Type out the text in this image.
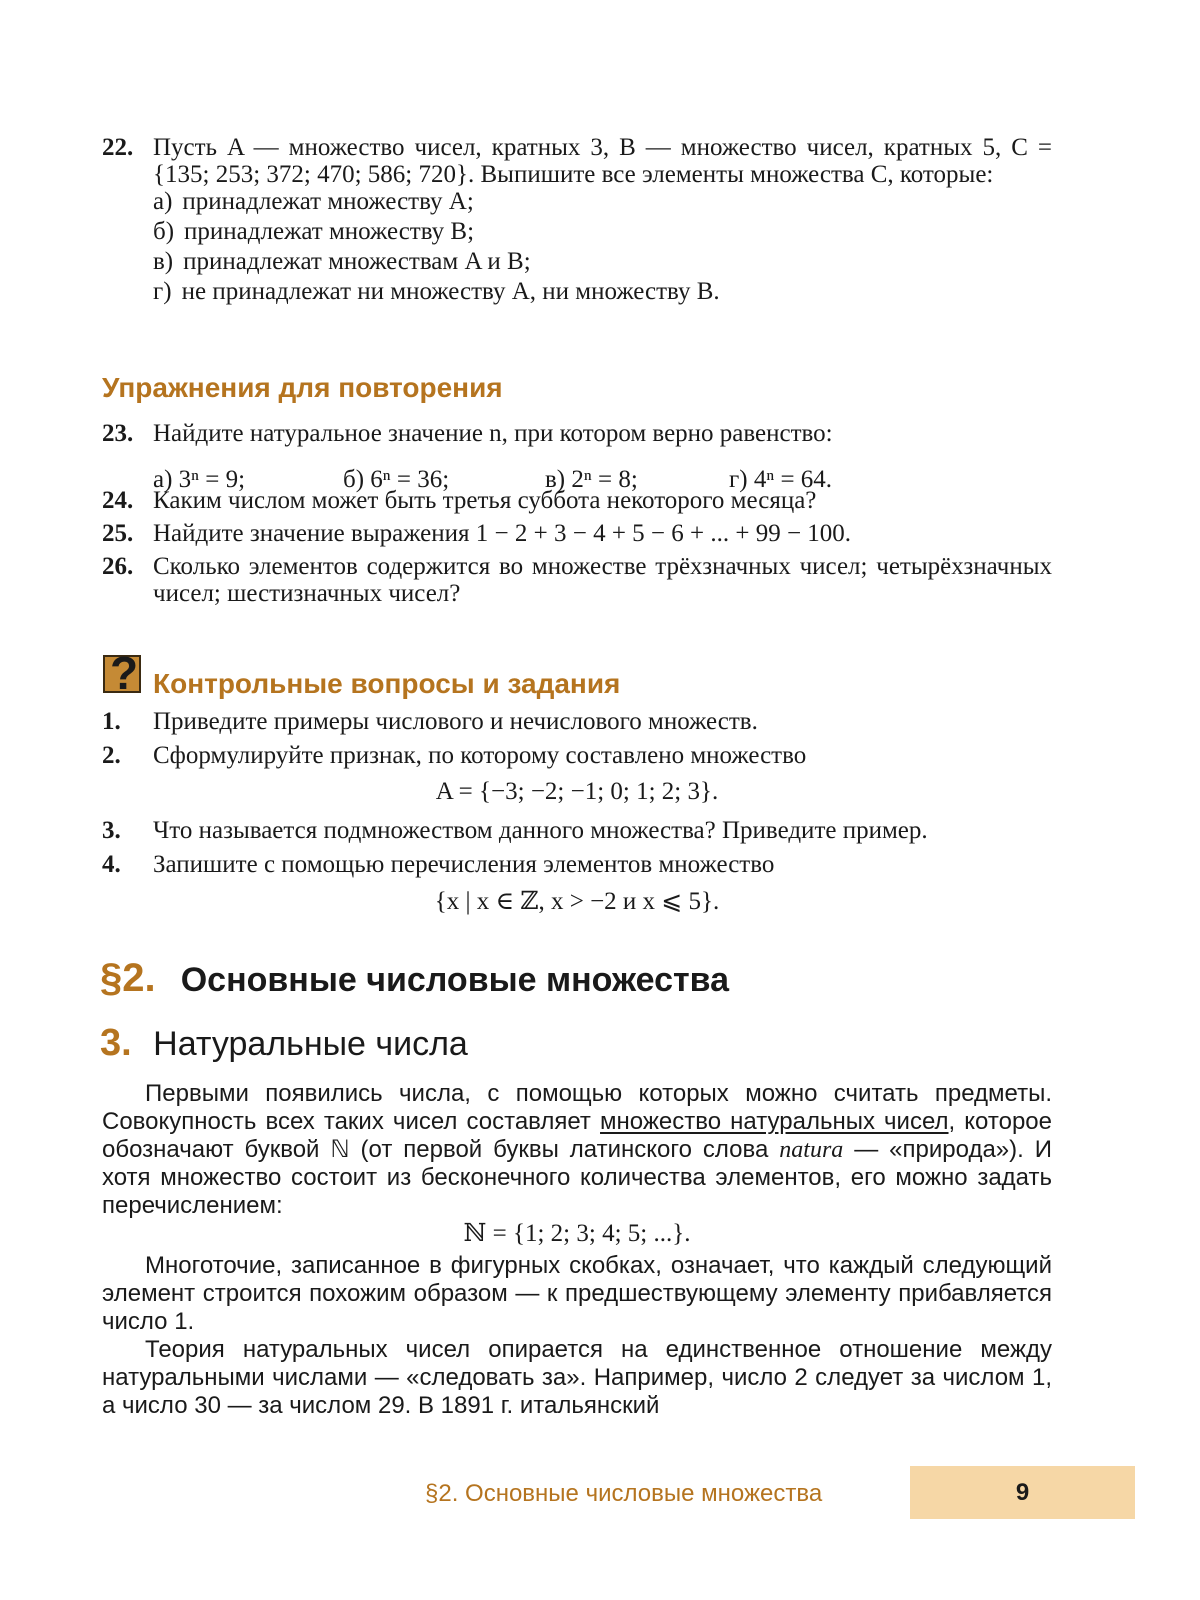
22. Пусть A — множество чисел, кратных 3, B — множество чисел, кратных 5, C = {135; 253; 372; 470; 586; 720}. Выпишите все элементы множества C, которые:
а) принадлежат множеству A;
б) принадлежат множеству B;
в) принадлежат множествам A и B;
г) не принадлежат ни множеству A, ни множеству B.
Упражнения для повторения
23. Найдите натуральное значение n, при котором верно равенство:
а) 3ⁿ = 9;	б) 6ⁿ = 36;	в) 2ⁿ = 8;	г) 4ⁿ = 64.
24. Каким числом может быть третья суббота некоторого месяца?
25. Найдите значение выражения 1 − 2 + 3 − 4 + 5 − 6 + ... + 99 − 100.
26. Сколько элементов содержится во множестве трёхзначных чисел; четырёхзначных чисел; шестизначных чисел?
? Контрольные вопросы и задания
1. Приведите примеры числового и нечислового множеств.
2. Сформулируйте признак, по которому составлено множество
A = {−3; −2; −1; 0; 1; 2; 3}.
3. Что называется подмножеством данного множества? Приведите пример.
4. Запишите с помощью перечисления элементов множество
{x | x ∈ ℤ, x > −2 и x ⩽ 5}.
§2. Основные числовые множества
3. Натуральные числа

Первыми появились числа, с помощью которых можно считать предметы. Совокупность всех таких чисел составляет множество натуральных чисел, которое обозначают буквой ℕ (от первой буквы латинского слова natura — «природа»). И хотя множество состоит из бесконечного количества элементов, его можно задать перечислением:

ℕ = {1; 2; 3; 4; 5; ...}.

Многоточие, записанное в фигурных скобках, означает, что каждый следующий элемент строится похожим образом — к предшествующему элементу прибавляется число 1.

Теория натуральных чисел опирается на единственное отношение между натуральными числами — «следовать за». Например, число 2 следует за числом 1, а число 30 — за числом 29. В 1891 г. итальянский

§2. Основные числовые множества	9
